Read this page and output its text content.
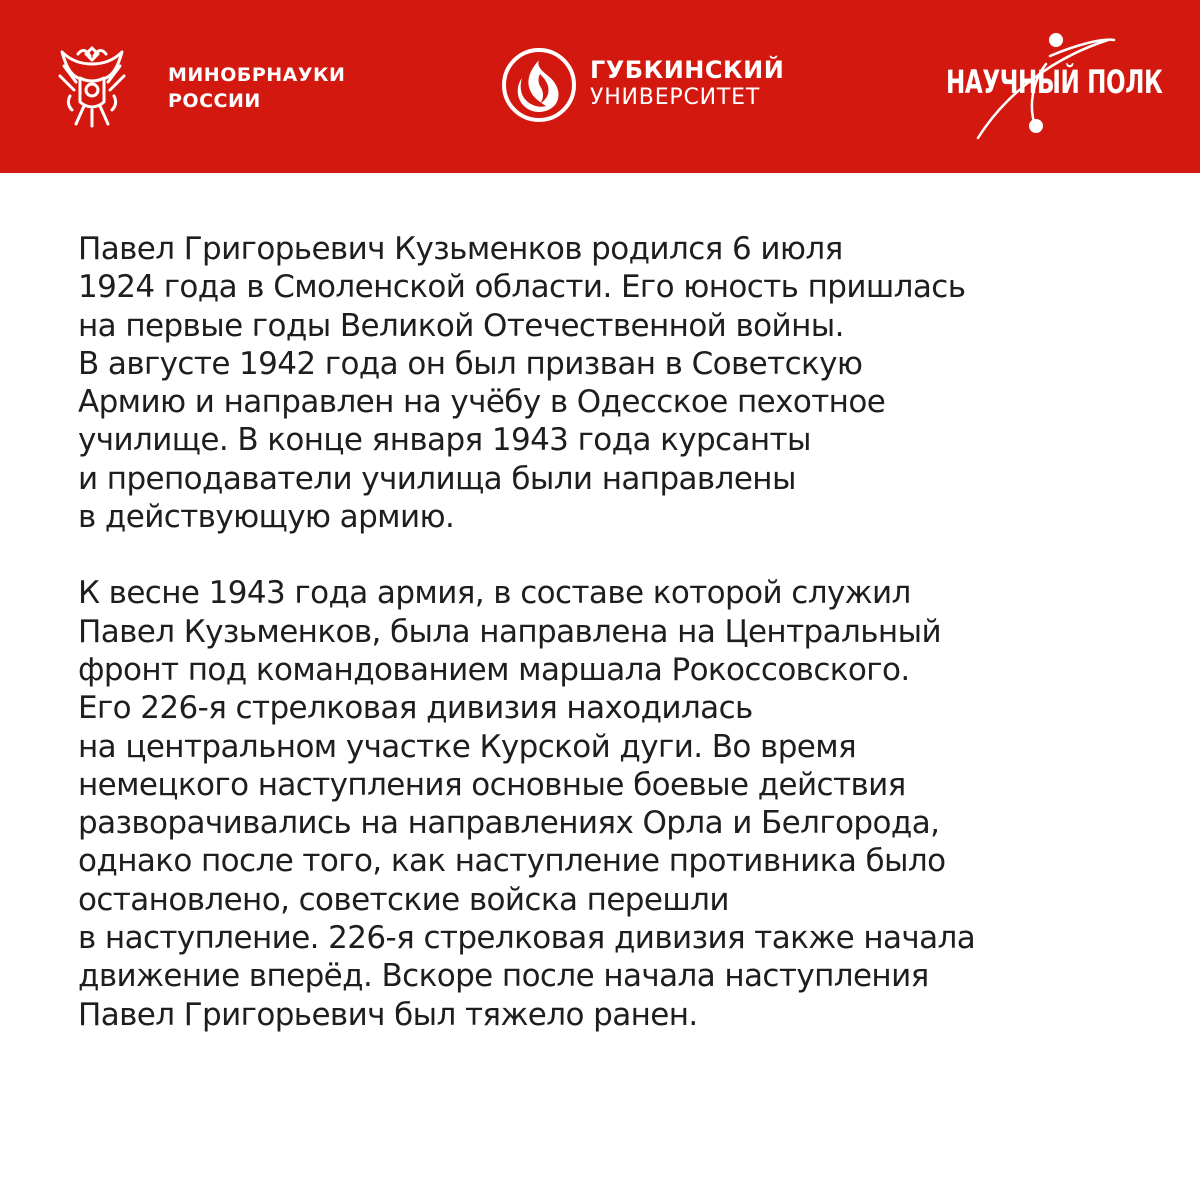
МИНОБРНАУКИ
РОССИИ
ГУБКИНСКИЙ
УНИВЕРСИТЕТ	НАУЧНЫЙ ПОЛК

Павел Григорьевич Кузьменков родился 6 июля
1924 года в Смоленской области. Его юность пришлась
на первые годы Великой Отечественной войны.
В августе 1942 года он был призван в Советскую
Армию и направлен на учёбу в Одесское пехотное
училище. В конце января 1943 года курсанты
и преподаватели училища были направлены
в действующую армию.

К весне 1943 года армия, в составе которой служил
Павел Кузьменков, была направлена на Центральный
фронт под командованием маршала Рокоссовского.
Его 226-я стрелковая дивизия находилась
на центральном участке Курской дуги. Во время
немецкого наступления основные боевые действия
разворачивались на направлениях Орла и Белгорода,
однако после того, как наступление противника было
остановлено, советские войска перешли
в наступление. 226-я стрелковая дивизия также начала
движение вперёд. Вскоре после начала наступления
Павел Григорьевич был тяжело ранен.
